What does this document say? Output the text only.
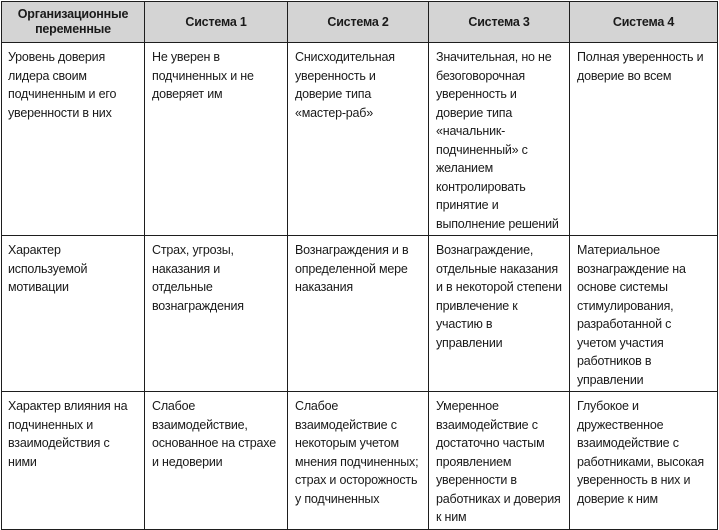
Организационные переменные	Система 1	Система 2	Система 3	Система 4
Уровень доверия лидера своим подчиненным и его уверенности в них	Не уверен в подчиненных и не доверяет им	Снисходительная уверенность и доверие типа «мастер-раб»	Значительная, но не безоговорочная уверенность и доверие типа «начальник-подчиненный» с желанием контролировать принятие и выполнение решений	Полная уверенность и доверие во всем
Характер используемой мотивации	Страх, угрозы, наказания и отдельные вознаграждения	Вознаграждения и в определенной мере наказания	Вознаграждение, отдельные наказания и в некоторой степени привлечение к участию в управлении	Материальное вознаграждение на основе системы стимулирования, разработанной с учетом участия работников в управлении
Характер влияния на подчиненных и взаимодействия с ними	Слабое взаимодействие, основанное на страхе и недоверии	Слабое взаимодействие с некоторым учетом мнения подчиненных; страх и осторожность у подчиненных	Умеренное взаимодействие с достаточно частым проявлением уверенности в работниках и доверия к ним	Глубокое и дружественное взаимодействие с работниками, высокая уверенность в них и доверие к ним
